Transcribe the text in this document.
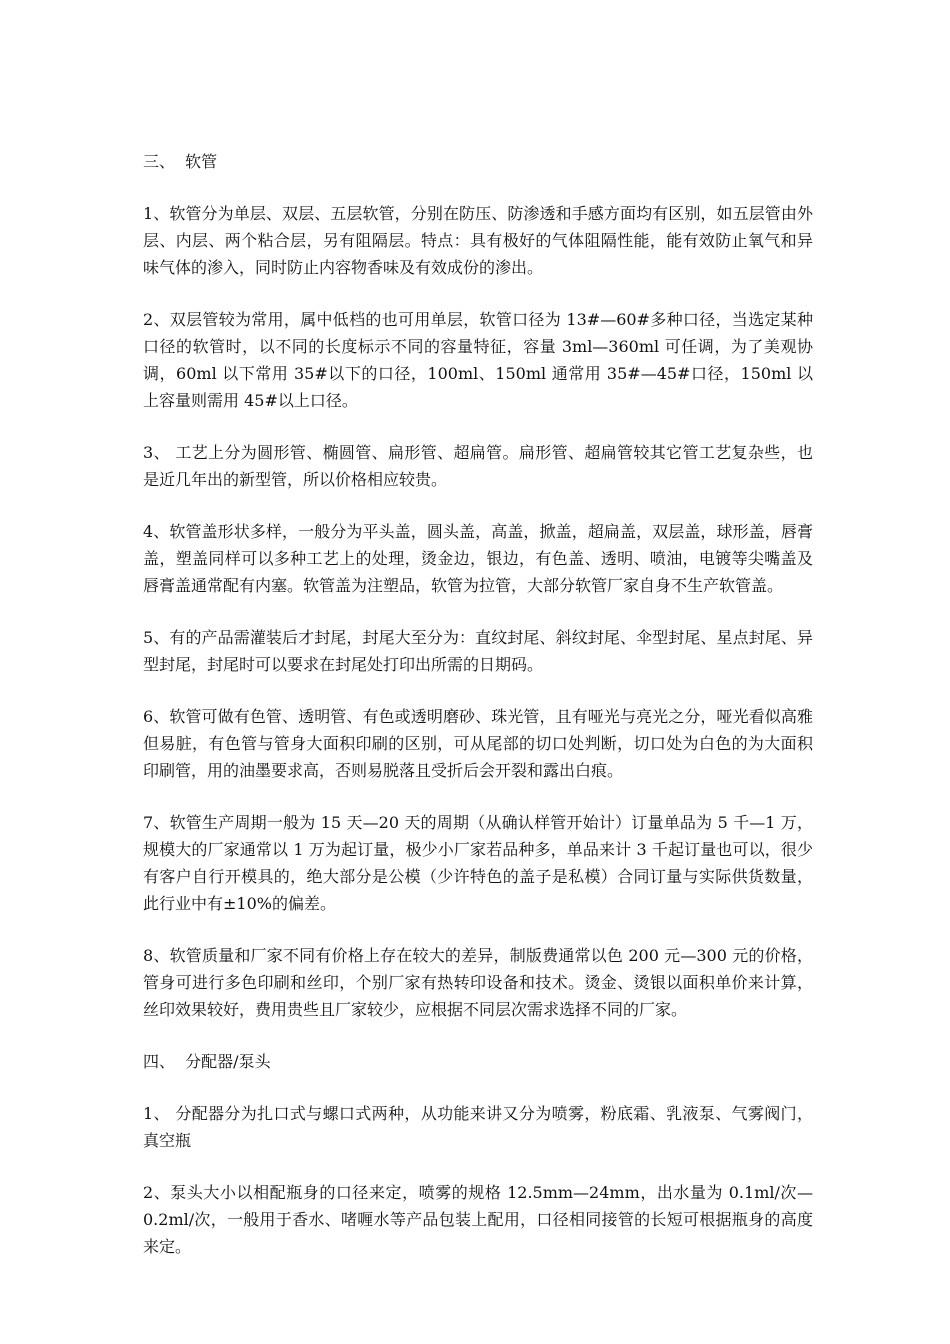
三、  软管

1、软管分为单层、双层、五层软管，分别在防压、防渗透和手感方面均有区别，如五层管由外层、内层、两个粘合层，另有阻隔层。特点：具有极好的气体阻隔性能，能有效防止氧气和异味气体的渗入，同时防止内容物香味及有效成份的渗出。

2、双层管较为常用，属中低档的也可用单层，软管口径为 13#—60#多种口径，当选定某种口径的软管时，以不同的长度标示不同的容量特征，容量 3ml—360ml 可任调，为了美观协调，60ml 以下常用 35#以下的口径，100ml、150ml 通常用 35#—45#口径，150ml 以上容量则需用 45#以上口径。

3、 工艺上分为圆形管、椭圆管、扁形管、超扁管。扁形管、超扁管较其它管工艺复杂些，也是近几年出的新型管，所以价格相应较贵。

4、软管盖形状多样，一般分为平头盖，圆头盖，高盖，掀盖，超扁盖，双层盖，球形盖，唇膏盖，塑盖同样可以多种工艺上的处理，烫金边，银边，有色盖、透明、喷油，电镀等尖嘴盖及唇膏盖通常配有内塞。软管盖为注塑品，软管为拉管，大部分软管厂家自身不生产软管盖。

5、有的产品需灌装后才封尾，封尾大至分为：直纹封尾、斜纹封尾、伞型封尾、星点封尾、异型封尾，封尾时可以要求在封尾处打印出所需的日期码。

6、软管可做有色管、透明管、有色或透明磨砂、珠光管，且有哑光与亮光之分，哑光看似高雅但易脏，有色管与管身大面积印刷的区别，可从尾部的切口处判断，切口处为白色的为大面积印刷管，用的油墨要求高，否则易脱落且受折后会开裂和露出白痕。

7、软管生产周期一般为 15 天—20 天的周期（从确认样管开始计）订量单品为 5 千—1 万，规模大的厂家通常以 1 万为起订量，极少小厂家若品种多，单品来计 3 千起订量也可以，很少有客户自行开模具的，绝大部分是公模（少许特色的盖子是私模）合同订量与实际供货数量，此行业中有±10%的偏差。

8、软管质量和厂家不同有价格上存在较大的差异，制版费通常以色 200 元—300 元的价格，管身可进行多色印刷和丝印，个别厂家有热转印设备和技术。烫金、烫银以面积单价来计算，丝印效果较好，费用贵些且厂家较少，应根据不同层次需求选择不同的厂家。

四、  分配器/泵头

1、 分配器分为扎口式与螺口式两种，从功能来讲又分为喷雾，粉底霜、乳液泵、气雾阀门，真空瓶

2、泵头大小以相配瓶身的口径来定，喷雾的规格 12.5mm—24mm，出水量为 0.1ml/次—0.2ml/次，一般用于香水、啫喱水等产品包装上配用，口径相同接管的长短可根据瓶身的高度来定。
